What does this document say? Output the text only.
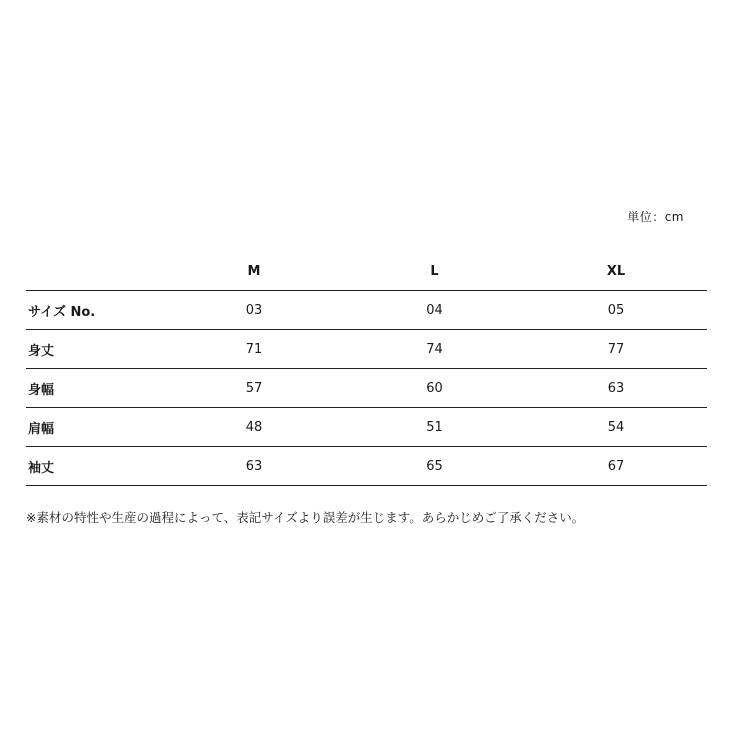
単位：cm
	M	L	XL
サイズ No.	03	04	05
身丈	71	74	77
身幅	57	60	63
肩幅	48	51	54
袖丈	63	65	67
※素材の特性や生産の過程によって、表記サイズより誤差が生じます。あらかじめご了承ください。
